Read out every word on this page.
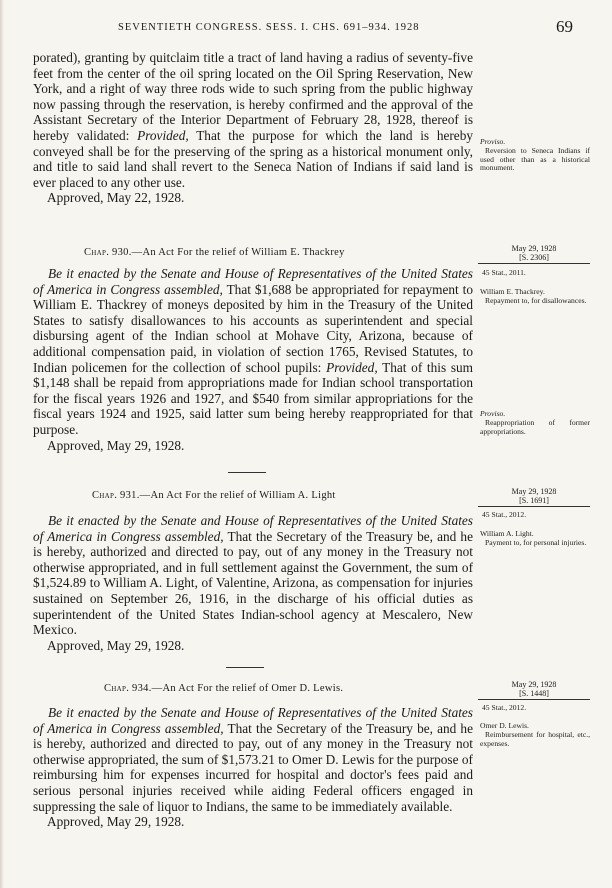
SEVENTIETH CONGRESS. SESS. I. CHS. 691–934. 1928	69

porated), granting by quitclaim title a tract of land having a radius of seventy-five feet from the center of the oil spring located on the Oil Spring Reservation, New York, and a right of way three rods wide to such spring from the public highway now passing through the reservation, is hereby confirmed and the approval of the Assistant Secretary of the Interior Department of February 28, 1928, thereof is hereby validated: Provided, That the purpose for which the land is hereby conveyed shall be for the preserving of the spring as a historical monument only, and title to said land shall revert to the Seneca Nation of Indians if said land is ever placed to any other use.

Approved, May 22, 1928.

Proviso.
Reversion to Seneca Indians if used other than as a historical monument.
Chap. 930.—An Act For the relief of William E. Thackrey	May 29, 1928
[S. 2306]
45 Stat., 2011.

Be it enacted by the Senate and House of Representatives of the United States of America in Congress assembled, That $1,688 be appropriated for repayment to William E. Thackrey of moneys deposited by him in the Treasury of the United States to satisfy disallowances to his accounts as superintendent and special disbursing agent of the Indian school at Mohave City, Arizona, because of additional compensation paid, in violation of section 1765, Revised Statutes, to Indian policemen for the collection of school pupils: Provided, That of this sum $1,148 shall be repaid from appropriations made for Indian school transportation for the fiscal years 1926 and 1927, and $540 from similar appropriations for the fiscal years 1924 and 1925, said latter sum being hereby reappropriated for that purpose.

Approved, May 29, 1928.

William E. Thackrey.
Repayment to, for disallowances.
Proviso.
Reappropriation of former appropriations.
Chap. 931.—An Act For the relief of William A. Light	May 29, 1928
[S. 1691]
45 Stat., 2012.

Be it enacted by the Senate and House of Representatives of the United States of America in Congress assembled, That the Secretary of the Treasury be, and he is hereby, authorized and directed to pay, out of any money in the Treasury not otherwise appropriated, and in full settlement against the Government, the sum of $1,524.89 to William A. Light, of Valentine, Arizona, as compensation for injuries sustained on September 26, 1916, in the discharge of his official duties as superintendent of the United States Indian-school agency at Mescalero, New Mexico.

Approved, May 29, 1928.

William A. Light.
Payment to, for personal injuries.
Chap. 934.—An Act For the relief of Omer D. Lewis.	May 29, 1928
[S. 1448]
45 Stat., 2012.

Be it enacted by the Senate and House of Representatives of the United States of America in Congress assembled, That the Secretary of the Treasury be, and he is hereby, authorized and directed to pay, out of any money in the Treasury not otherwise appropriated, the sum of $1,573.21 to Omer D. Lewis for the purpose of reimbursing him for expenses incurred for hospital and doctor's fees paid and serious personal injuries received while aiding Federal officers engaged in suppressing the sale of liquor to Indians, the same to be immediately available.

Approved, May 29, 1928.

Omer D. Lewis.
Reimbursement for hospital, etc., expenses.
